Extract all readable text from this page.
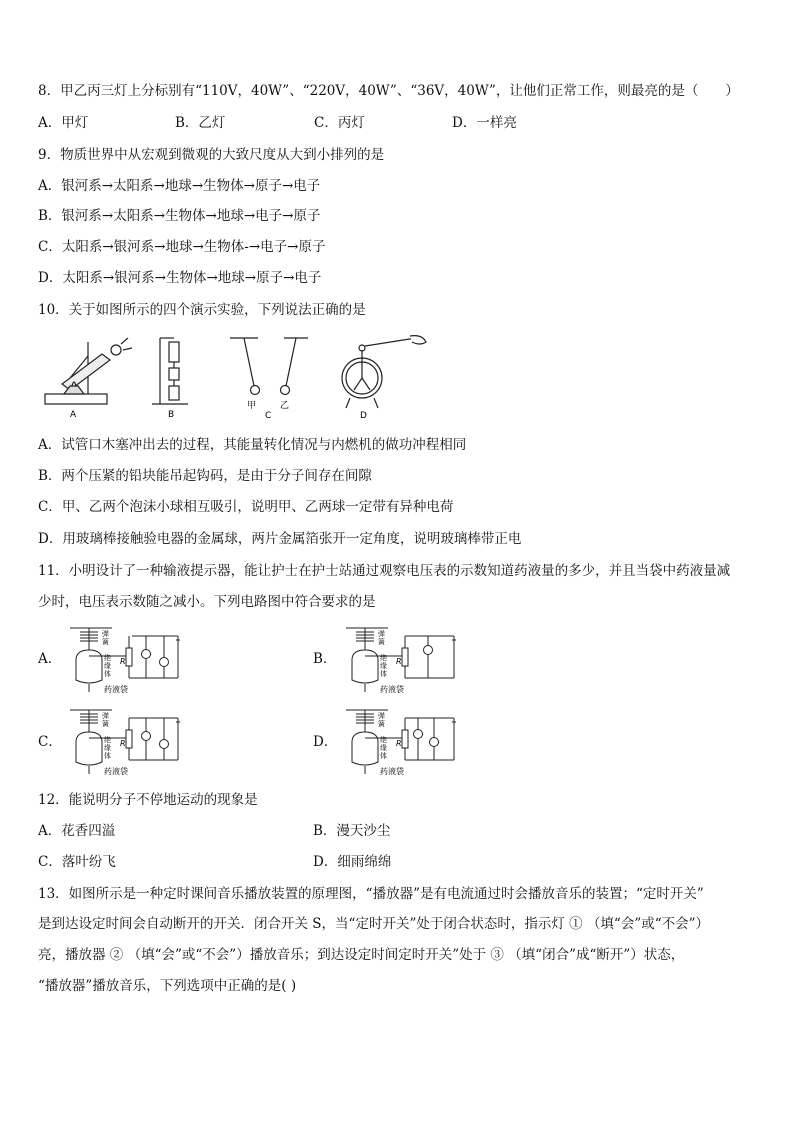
8．甲乙丙三灯上分标别有“110V，40W”、“220V，40W”、“36V，40W”，让他们正常工作，则最亮的是（　　）
A．甲灯	B．乙灯	C．丙灯	D．一样亮
9．物质世界中从宏观到微观的大致尺度从大到小排列的是
A．银河系→太阳系→地球→生物体→原子→电子
B．银河系→太阳系→生物体→地球→电子→原子
C．太阳系→银河系→地球→生物体-→电子→原子
D．太阳系→银河系→生物体→地球→原子→电子
10．关于如图所示的四个演示实验，下列说法正确的是
A	B
甲	乙
C	D
A．试管口木塞冲出去的过程，其能量转化情况与内燃机的做功冲程相同
B．两个压紧的铅块能吊起钩码，是由于分子间存在间隙
C．甲、乙两个泡沫小球相互吸引，说明甲、乙两球一定带有异种电荷
D．用玻璃棒接触验电器的金属球，两片金属箔张开一定角度，说明玻璃棒带正电
11．小明设计了一种输液提示器，能让护士在护士站通过观察电压表的示数知道药液量的多少，并且当袋中药液量减
少时，电压表示数随之减小。下列电路图中符合要求的是
A．	B．
C．	D．
R
药液袋
弹
簧
绝
缘
体
R
药液袋
弹
簧
绝
缘
体
R
药液袋
弹
簧
绝
缘
体
R
药液袋
弹
簧
绝
缘
体
12．能说明分子不停地运动的现象是
A．花香四溢	B．漫天沙尘
C．落叶纷飞	D．细雨绵绵
13．如图所示是一种定时课间音乐播放装置的原理图，“播放器”是有电流通过时会播放音乐的装置；“定时开关”
是到达设定时间会自动断开的开关．闭合开关 S，当“定时开关”处于闭合状态时，指示灯 ① （填“会”或“不会”）
亮，播放器 ② （填“会”或“不会”）播放音乐；到达设定时间定时开关”处于 ③ （填“闭合”成“断开”）状态，
“播放器”播放音乐，下列选项中正确的是( )
